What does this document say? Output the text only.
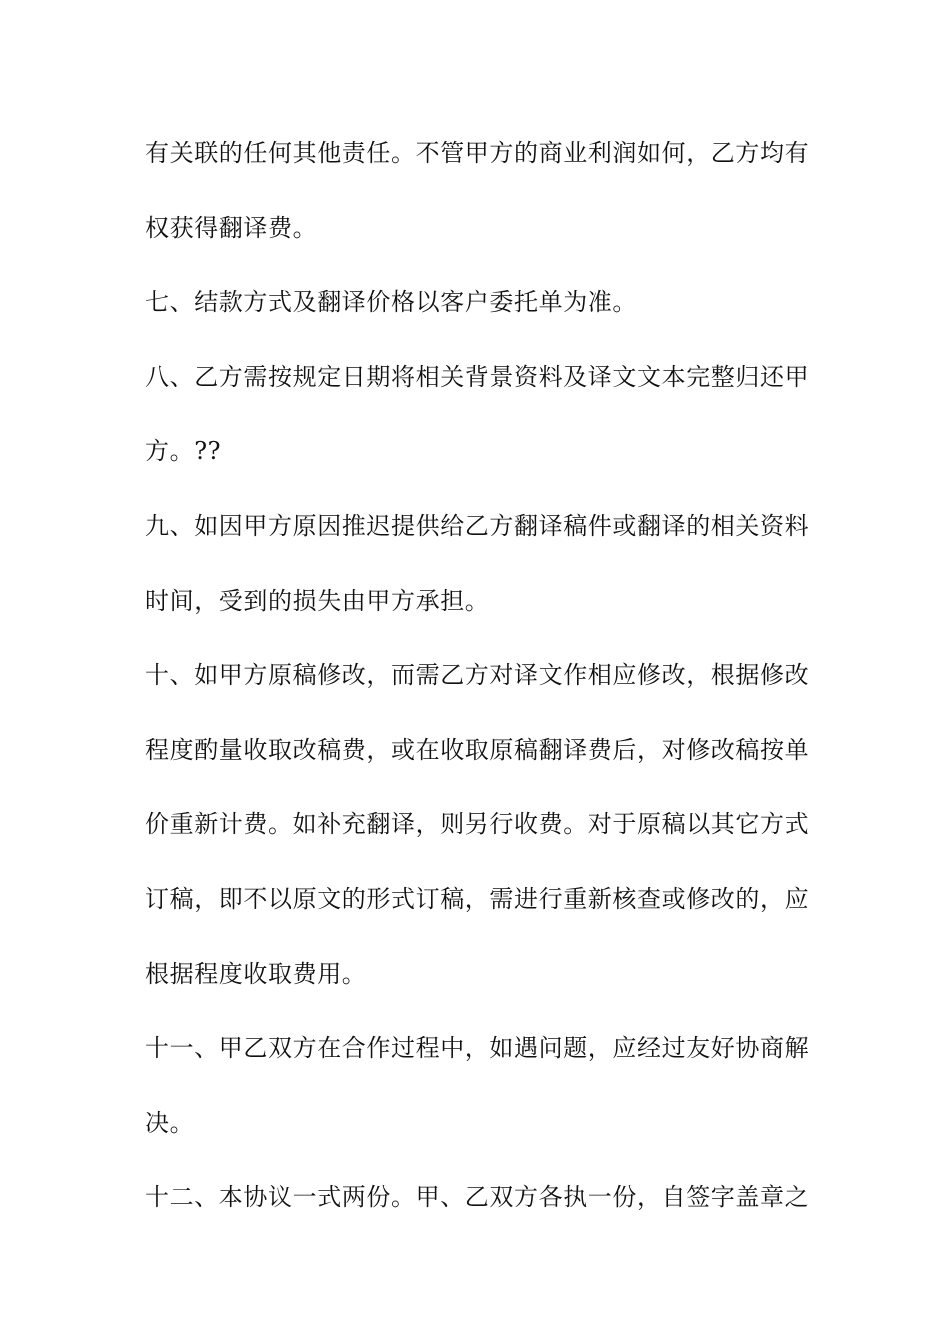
有关联的任何其他责任。不管甲方的商业利润如何，乙方均有
权获得翻译费。
七、结款方式及翻译价格以客户委托单为准。
八、乙方需按规定日期将相关背景资料及译文文本完整归还甲
方。??
九、如因甲方原因推迟提供给乙方翻译稿件或翻译的相关资料
时间，受到的损失由甲方承担。
十、如甲方原稿修改，而需乙方对译文作相应修改，根据修改
程度酌量收取改稿费，或在收取原稿翻译费后，对修改稿按单
价重新计费。如补充翻译，则另行收费。对于原稿以其它方式
订稿，即不以原文的形式订稿，需进行重新核查或修改的，应
根据程度收取费用。
十一、甲乙双方在合作过程中，如遇问题，应经过友好协商解
决。
十二、本协议一式两份。甲、乙双方各执一份，自签字盖章之
